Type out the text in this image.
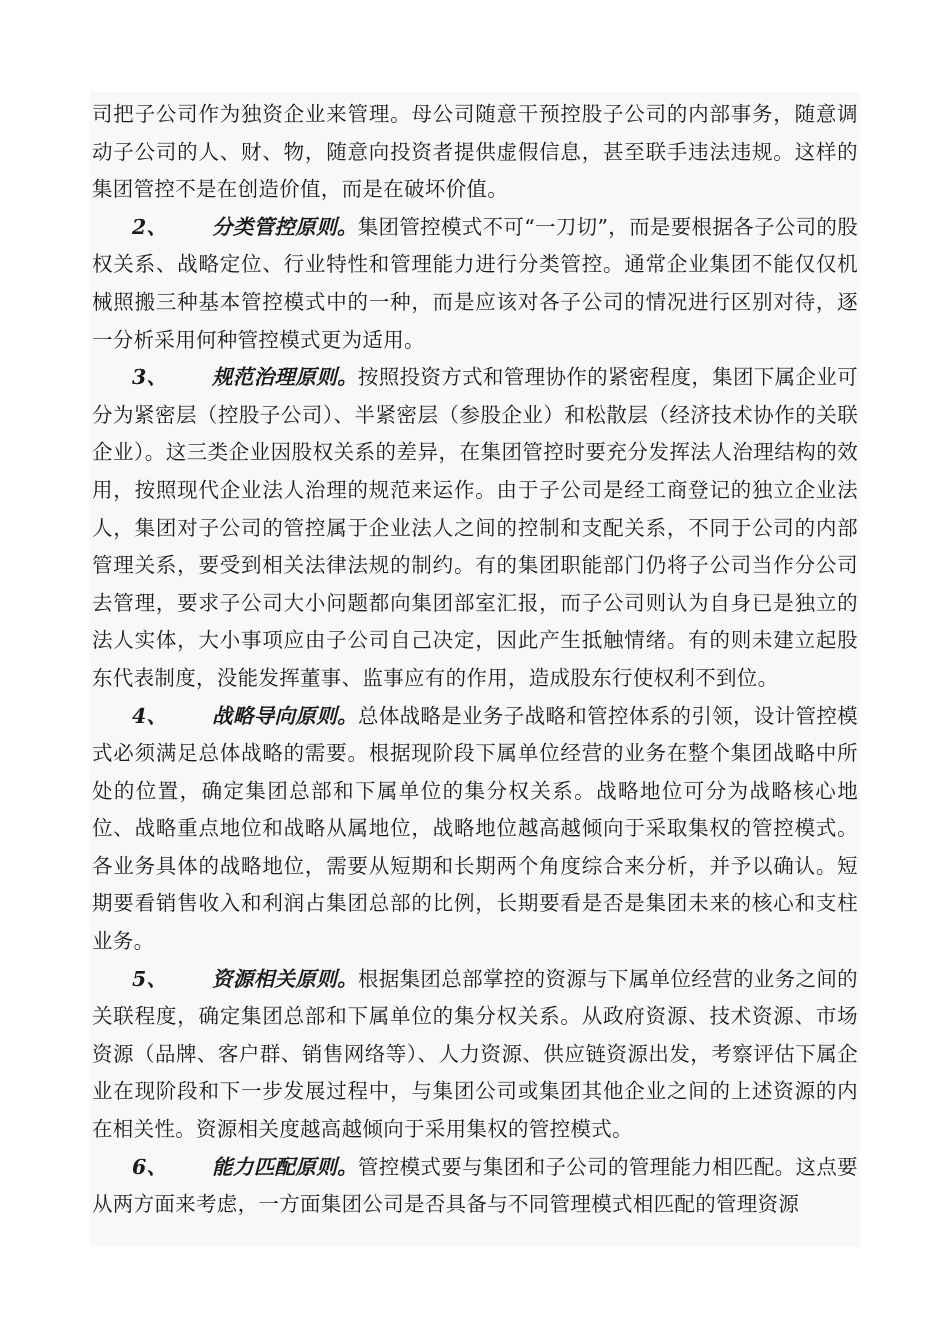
司把子公司作为独资企业来管理。母公司随意干预控股子公司的内部事务，随意调动子公司的人、财、物，随意向投资者提供虚假信息，甚至联手违法违规。这样的集团管控不是在创造价值，而是在破坏价值。

2、 分类管控原则。集团管控模式不可“一刀切”，而是要根据各子公司的股权关系、战略定位、行业特性和管理能力进行分类管控。通常企业集团不能仅仅机械照搬三种基本管控模式中的一种，而是应该对各子公司的情况进行区别对待，逐一分析采用何种管控模式更为适用。

3、 规范治理原则。按照投资方式和管理协作的紧密程度，集团下属企业可分为紧密层（控股子公司）、半紧密层（参股企业）和松散层（经济技术协作的关联企业）。这三类企业因股权关系的差异，在集团管控时要充分发挥法人治理结构的效用，按照现代企业法人治理的规范来运作。由于子公司是经工商登记的独立企业法人，集团对子公司的管控属于企业法人之间的控制和支配关系，不同于公司的内部管理关系，要受到相关法律法规的制约。有的集团职能部门仍将子公司当作分公司去管理，要求子公司大小问题都向集团部室汇报，而子公司则认为自身已是独立的法人实体，大小事项应由子公司自己决定，因此产生抵触情绪。有的则未建立起股东代表制度，没能发挥董事、监事应有的作用，造成股东行使权利不到位。

4、 战略导向原则。总体战略是业务子战略和管控体系的引领，设计管控模式必须满足总体战略的需要。根据现阶段下属单位经营的业务在整个集团战略中所处的位置，确定集团总部和下属单位的集分权关系。战略地位可分为战略核心地位、战略重点地位和战略从属地位，战略地位越高越倾向于采取集权的管控模式。各业务具体的战略地位，需要从短期和长期两个角度综合来分析，并予以确认。短期要看销售收入和利润占集团总部的比例，长期要看是否是集团未来的核心和支柱业务。

5、 资源相关原则。根据集团总部掌控的资源与下属单位经营的业务之间的关联程度，确定集团总部和下属单位的集分权关系。从政府资源、技术资源、市场资源（品牌、客户群、销售网络等）、人力资源、供应链资源出发，考察评估下属企业在现阶段和下一步发展过程中，与集团公司或集团其他企业之间的上述资源的内在相关性。资源相关度越高越倾向于采用集权的管控模式。

6、 能力匹配原则。管控模式要与集团和子公司的管理能力相匹配。这点要从两方面来考虑，一方面集团公司是否具备与不同管理模式相匹配的管理资源
